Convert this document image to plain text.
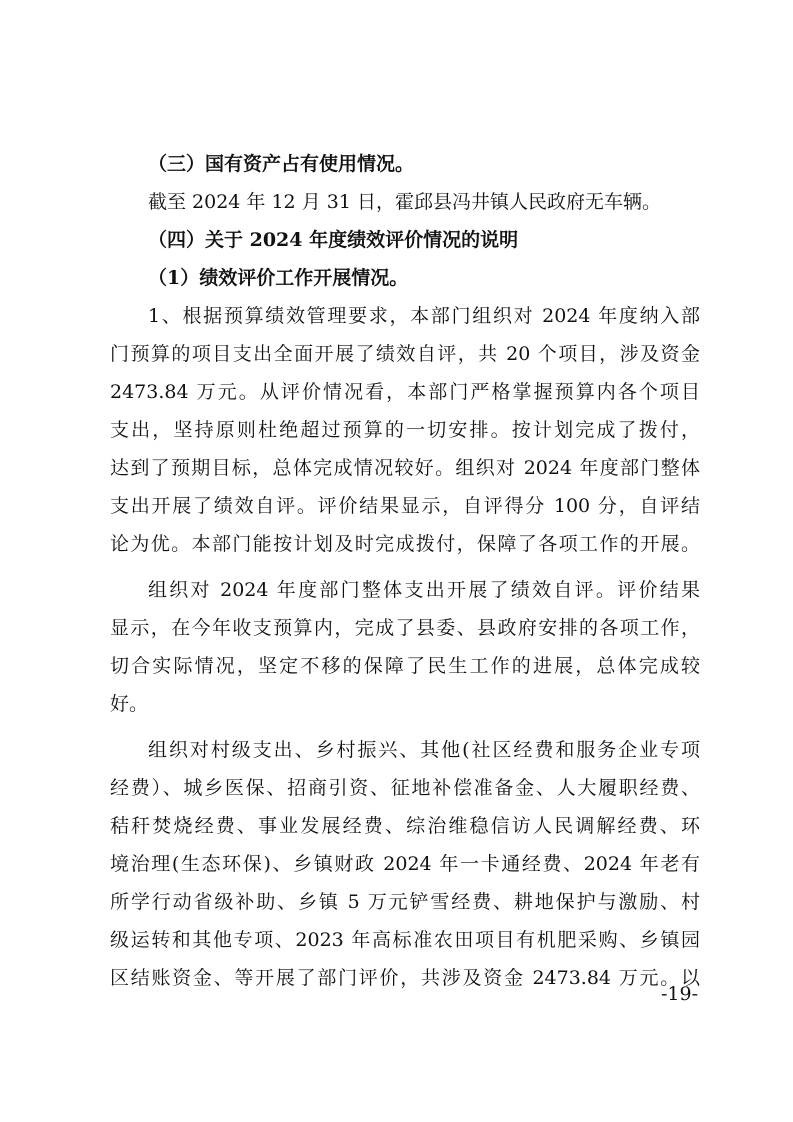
（三）国有资产占有使用情况。
截至 2024 年 12 月 31 日，霍邱县冯井镇人民政府无车辆。
（四）关于 2024 年度绩效评价情况的说明
（1）绩效评价工作开展情况。
1、根据预算绩效管理要求，本部门组织对 2024 年度纳入部
门预算的项目支出全面开展了绩效自评，共 20 个项目，涉及资金
2473.84 万元。从评价情况看，本部门严格掌握预算内各个项目
支出，坚持原则杜绝超过预算的一切安排。按计划完成了拨付，
达到了预期目标，总体完成情况较好。组织对 2024 年度部门整体
支出开展了绩效自评。评价结果显示，自评得分 100 分，自评结
论为优。本部门能按计划及时完成拨付，保障了各项工作的开展。
组织对 2024 年度部门整体支出开展了绩效自评。评价结果
显示，在今年收支预算内，完成了县委、县政府安排的各项工作，
切合实际情况，坚定不移的保障了民生工作的进展，总体完成较
好。
组织对村级支出、乡村振兴、其他(社区经费和服务企业专项
经费）、城乡医保、招商引资、征地补偿准备金、人大履职经费、
秸秆焚烧经费、事业发展经费、综治维稳信访人民调解经费、环
境治理(生态环保)、乡镇财政 2024 年一卡通经费、2024 年老有
所学行动省级补助、乡镇 5 万元铲雪经费、耕地保护与激励、村
级运转和其他专项、2023 年高标准农田项目有机肥采购、乡镇园
区结账资金、等开展了部门评价，共涉及资金 2473.84 万元。以
-19-
